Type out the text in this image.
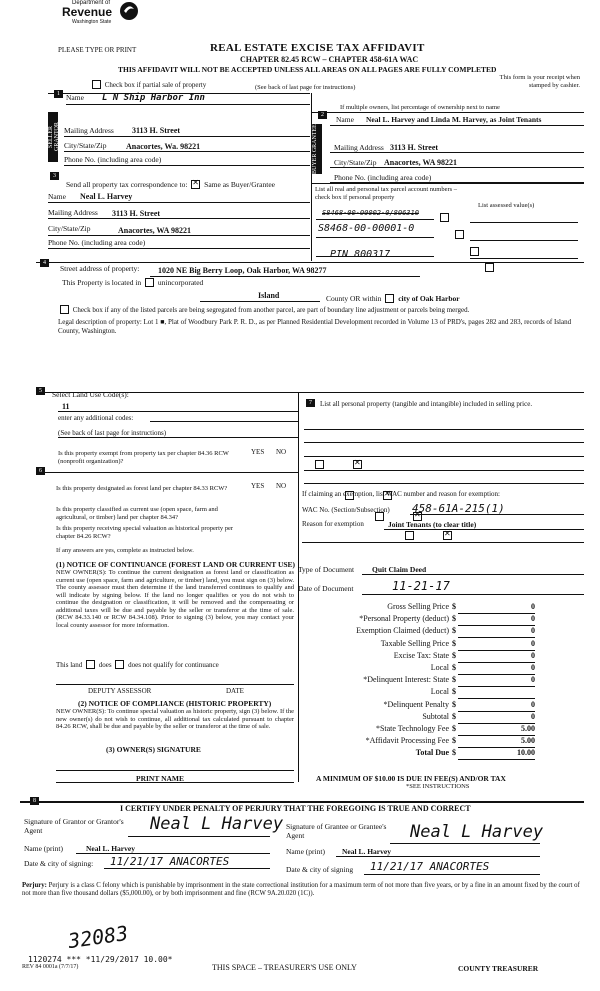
Department of
Revenue
Washington State
PLEASE TYPE OR PRINT	REAL ESTATE EXCISE TAX AFFIDAVIT
CHAPTER 82.45 RCW – CHAPTER 458-61A WAC
THIS AFFIDAVIT WILL NOT BE ACCEPTED UNLESS ALL AREAS ON ALL PAGES ARE FULLY COMPLETED
(See back of last page for instructions)
This form is your receipt when stamped by cashier.
Check box if partial sale of property
If multiple owners, list percentage of ownership next to name
1
2
SELLER GRANTOR
Name L N Ship Harbor Inn
Mailing Address 3113 H. Street
City/State/Zip Anacortes, Wa. 98221
Phone No. (including area code)	BUYER GRANTEE
Name Neal L. Harvey and Linda M. Harvey, as Joint Tenants
Mailing Address 3113 H. Street
City/State/Zip Anacortes, WA 98221
Phone No. (including area code)
3
Send all property tax correspondence to: ✕ Same as Buyer/Grantee
Name Neal L. Harvey
Mailing Address 3113 H. Street
City/State/Zip	Anacortes, WA 98221
Phone No. (including area code)
List all real and personal tax parcel account numbers – check box if personal property
List assessed value(s)
S8468-00-00002-0/806310

S8468-00-00001-0

PIN 800317

4
Street address of property: 1020 NE Big Berry Loop, Oak Harbor, WA 98277
This Property is located in unincorporated
Island	County OR within city of Oak Harbor
Check box if any of the listed parcels are being segregated from another parcel, are part of boundary line adjustment or parcels being merged.
Legal description of property: Lot 1 ■, Plat of Woodbury Park P. R. D., as per Planned Residential Development recorded in Volume 13 of PRD's, pages 282 and 283, records of Island County, Washington.
5	Select Land Use Code(s):
11
enter any additional codes:
(See back of last page for instructions)
Is this property exempt from property tax per chapter 84.36 RCW (nonprofit organization)?
YES NO
✕
6
YES NO
Is this property designated as forest land per chapter 84.33 RCW?
✕
Is this property classified as current use (open space, farm and agricultural, or timber) land per chapter 84.34?
✕
Is this property receiving special valuation as historical property per chapter 84.26 RCW?
✕
If any answers are yes, complete as instructed below.
(1) NOTICE OF CONTINUANCE (FOREST LAND OR CURRENT USE)
NEW OWNER(S): To continue the current designation as forest land or classification as current use (open space, farm and agriculture, or timber) land, you must sign on (3) below. The county assessor must then determine if the land transferred continues to qualify and will indicate by signing below. If the land no longer qualifies or you do not wish to continue the designation or classification, it will be removed and the compensating or additional taxes will be due and payable by the seller or transferor at the time of sale. (RCW 84.33.140 or RCW 84.34.108). Prior to signing (3) below, you may contact your local county assessor for more information.
This land does does not qualify for continuance
DEPUTY ASSESSOR	DATE
(2) NOTICE OF COMPLIANCE (HISTORIC PROPERTY)
NEW OWNER(S): To continue special valuation as historic property, sign (3) below. If the new owner(s) do not wish to continue, all additional tax calculated pursuant to chapter 84.26 RCW, shall be due and payable by the seller or transferor at the time of sale.
(3) OWNER(S) SIGNATURE
PRINT NAME
7	List all personal property (tangible and intangible) included in selling price.
If claiming an exemption, list WAC number and reason for exemption:
WAC No. (Section/Subsection) 458-61A-215(1)
Reason for exemption	Joint Tenants (to clear title)
Type of Document Quit Claim Deed
Date of Document	11-21-17
Gross Selling Price $	0
*Personal Property (deduct) $	0
Exemption Claimed (deduct) $	0
Taxable Selling Price $	0
Excise Tax: State $	0
Local $	0
*Delinquent Interest: State $	0
Local $
*Delinquent Penalty $	0
Subtotal $	0
*State Technology Fee $	5.00
*Affidavit Processing Fee $	5.00
Total Due $	10.00
A MINIMUM OF $10.00 IS DUE IN FEE(S) AND/OR TAX
*SEE INSTRUCTIONS
8
I CERTIFY UNDER PENALTY OF PERJURY THAT THE FOREGOING IS TRUE AND CORRECT
Signature of Grantor or Grantor's Agent	Neal L Harvey
Name (print)	Neal L. Harvey
Date & city of signing: 11/21/17 ANACORTES
Signature of Grantee or Grantee's Agent	Neal L Harvey
Name (print) Neal L. Harvey
Date & city of signing 11/21/17 ANACORTES
Perjury: Perjury is a class C felony which is punishable by imprisonment in the state correctional institution for a maximum term of not more than five years, or by a fine in an amount fixed by the court of not more than five thousand dollars ($5,000.00), or by both imprisonment and fine (RCW 9A.20.020 (1C)).
32083
1120274 *** *11/29/2017 10.00*
REV 84 0001a (7/7/17)	THIS SPACE – TREASURER'S USE ONLY	COUNTY TREASURER
